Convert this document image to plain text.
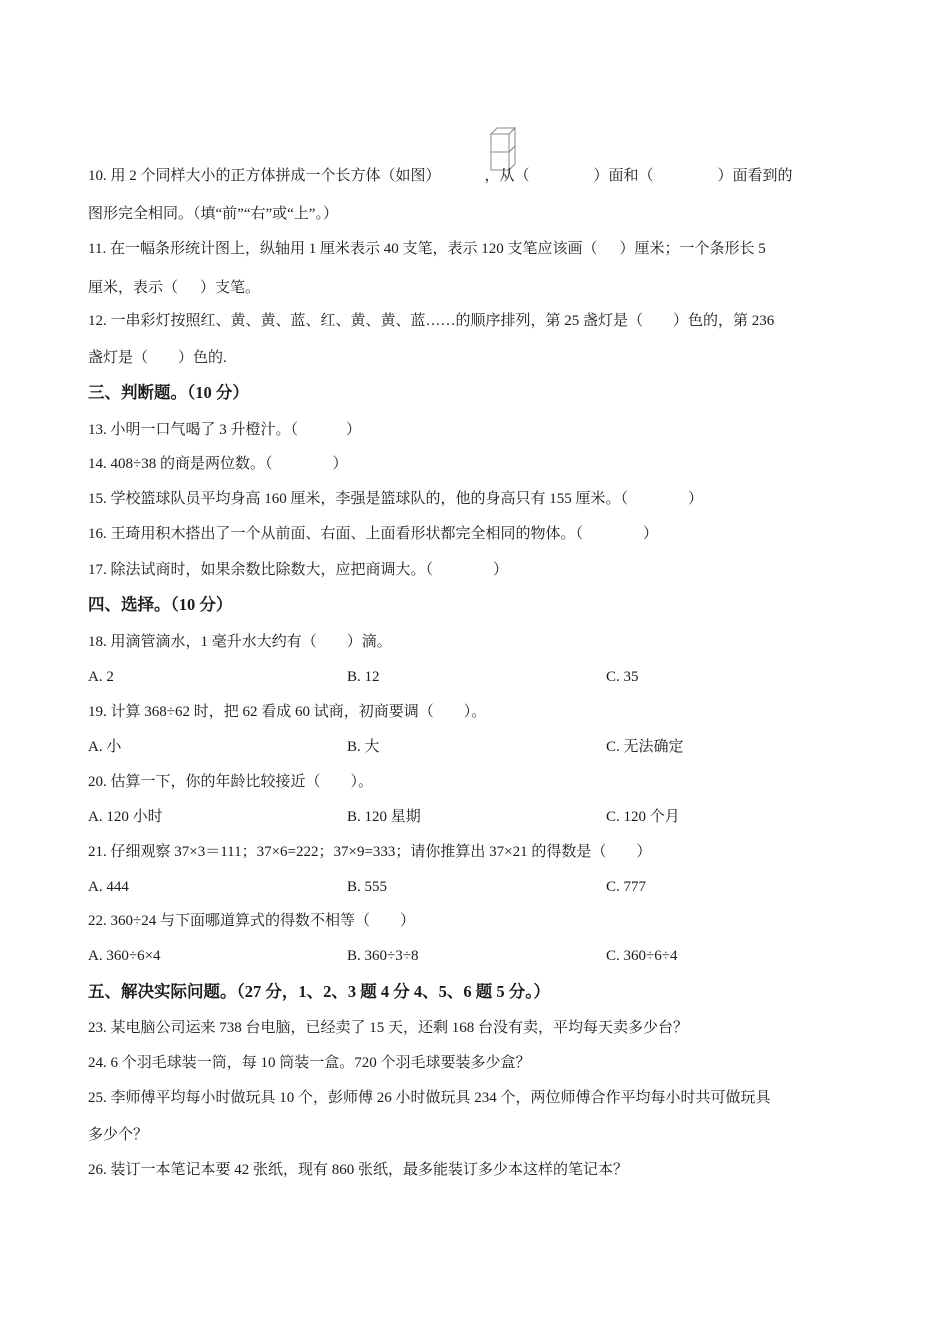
10. 用 2 个同样大小的正方体拼成一个长方体（如图）	，从（	）面和（	）面看到的
图形完全相同。（填“前”“右”或“上”。）
11. 在一幅条形统计图上，纵轴用 1 厘米表示 40 支笔，表示 120 支笔应该画（ ）厘米；一个条形长 5
厘米，表示（ ）支笔。
12. 一串彩灯按照红、黄、黄、蓝、红、黄、黄、蓝……的顺序排列，第 25 盏灯是（ ）色的，第 236
盏灯是（ ）色的.
三、判断题。（10 分）
13. 小明一口气喝了 3 升橙汁。（	）
14. 408÷38 的商是两位数。（	）
15. 学校篮球队员平均身高 160 厘米，李强是篮球队的，他的身高只有 155 厘米。（	）
16. 王琦用积木搭出了一个从前面、右面、上面看形状都完全相同的物体。（	）
17. 除法试商时，如果余数比除数大，应把商调大。（	）
四、选择。（10 分）
18. 用滴管滴水，1 毫升水大约有（　　）滴。
A. 2	B. 12	C. 35
19. 计算 368÷62 时，把 62 看成 60 试商，初商要调（　　）。
A. 小	B. 大	C. 无法确定
20. 估算一下，你的年龄比较接近（　　）。
A. 120 小时	B. 120 星期	C. 120 个月
21. 仔细观察 37×3＝111；37×6=222；37×9=333；请你推算出 37×21 的得数是（　　）
A. 444	B. 555	C. 777
22. 360÷24 与下面哪道算式的得数不相等（　　）
A. 360÷6×4	B. 360÷3÷8	C. 360÷6÷4
五、解决实际问题。（27 分，1、2、3 题 4 分 4、5、6 题 5 分。）
23. 某电脑公司运来 738 台电脑，已经卖了 15 天，还剩 168 台没有卖，平均每天卖多少台？
24. 6 个羽毛球装一筒，每 10 筒装一盒。720 个羽毛球要装多少盒？
25. 李师傅平均每小时做玩具 10 个，彭师傅 26 小时做玩具 234 个，两位师傅合作平均每小时共可做玩具
多少个？
26. 装订一本笔记本要 42 张纸，现有 860 张纸，最多能装订多少本这样的笔记本？
